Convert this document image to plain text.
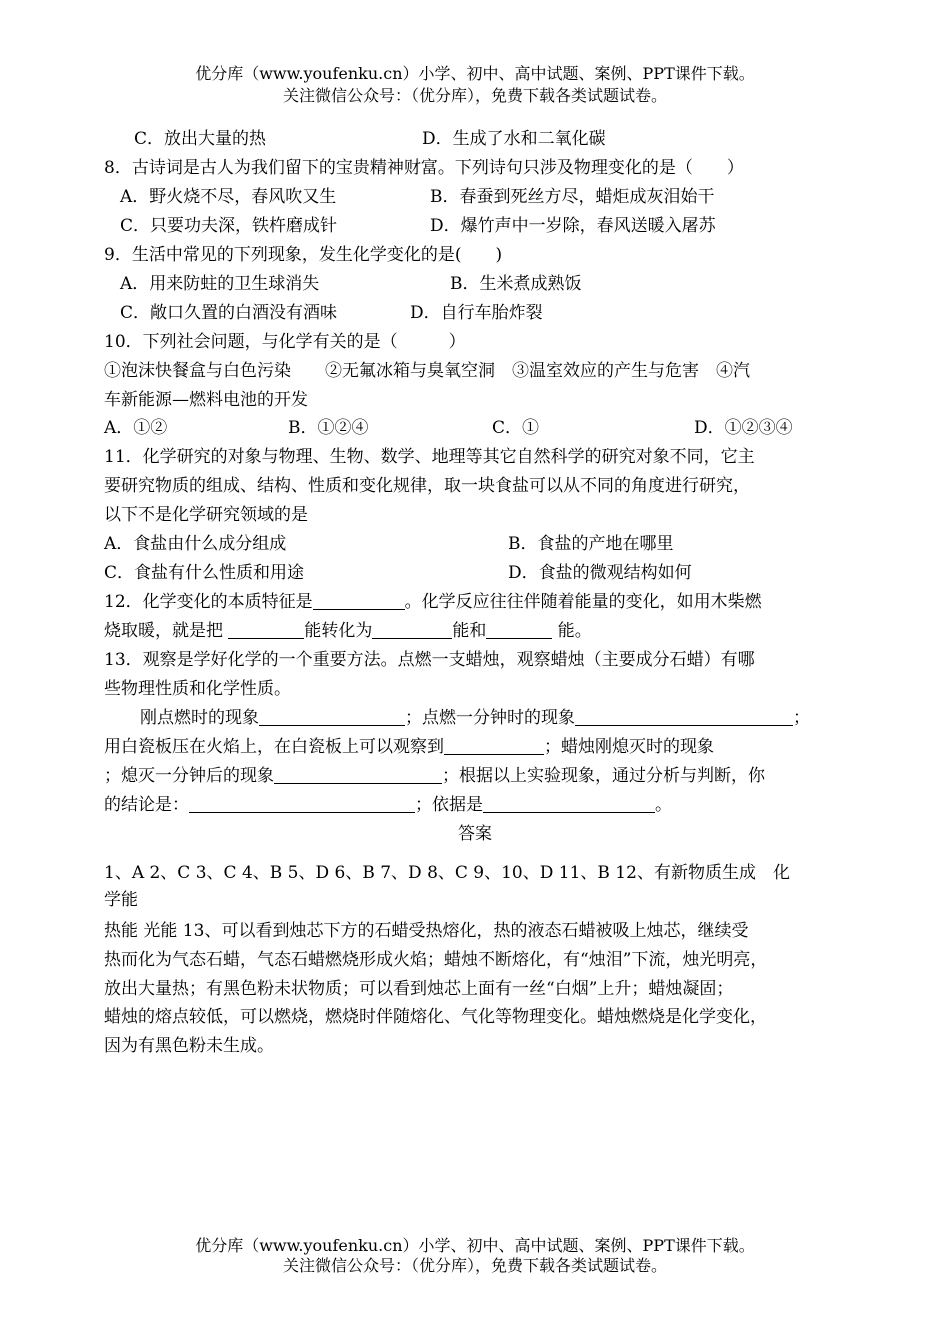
优分库（www.youfenku.cn）小学、初中、高中试题、案例、PPT课件下载。
关注微信公众号：（优分库），免费下载各类试题试卷。
C．放出大量的热	D．生成了水和二氧化碳
8．古诗词是古人为我们留下的宝贵精神财富。下列诗句只涉及物理变化的是（　　）
A．野火烧不尽，春风吹又生	B．春蚕到死丝方尽，蜡炬成灰泪始干
C．只要功夫深，铁杵磨成针	D．爆竹声中一岁除，春风送暖入屠苏
9．生活中常见的下列现象，发生化学变化的是(　　)
A．用来防蛀的卫生球消失	B．生米煮成熟饭
C．敞口久置的白酒没有酒味	D．自行车胎炸裂
10．下列社会问题，与化学有关的是（　　　）
①泡沫快餐盒与白色污染　　②无氟冰箱与臭氧空洞　③温室效应的产生与危害　④汽
车新能源—燃料电池的开发
A．①②	B．①②④	C．①	D．①②③④
11．化学研究的对象与物理、生物、数学、地理等其它自然科学的研究对象不同，它主
要研究物质的组成、结构、性质和变化规律，取一块食盐可以从不同的角度进行研究，
以下不是化学研究领域的是
A．食盐由什么成分组成	B．食盐的产地在哪里
C．食盐有什么性质和用途	D．食盐的微观结构如何
12．化学变化的本质特征是	。化学反应往往伴随着能量的变化，如用木柴燃
烧取暖，就是把	能转化为	能和	能。
13．观察是学好化学的一个重要方法。点燃一支蜡烛，观察蜡烛（主要成分石蜡）有哪
些物理性质和化学性质。
刚点燃时的现象	；点燃一分钟时的现象	；
用白瓷板压在火焰上，在白瓷板上可以观察到	；蜡烛刚熄灭时的现象
；熄灭一分钟后的现象	；根据以上实验现象，通过分析与判断，你
的结论是：	；依据是	。
答案
1、A 2、C 3、C 4、B 5、D 6、B 7、D 8、C 9、10、D 11、B 12、有新物质生成　化
学能
热能 光能 13、可以看到烛芯下方的石蜡受热熔化，热的液态石蜡被吸上烛芯，继续受
热而化为气态石蜡，气态石蜡燃烧形成火焰；蜡烛不断熔化，有“烛泪”下流，烛光明亮，
放出大量热；有黑色粉未状物质；可以看到烛芯上面有一丝“白烟”上升；蜡烛凝固；
蜡烛的熔点较低，可以燃烧，燃烧时伴随熔化、气化等物理变化。蜡烛燃烧是化学变化，
因为有黑色粉未生成。
优分库（www.youfenku.cn）小学、初中、高中试题、案例、PPT课件下载。
关注微信公众号：（优分库），免费下载各类试题试卷。
